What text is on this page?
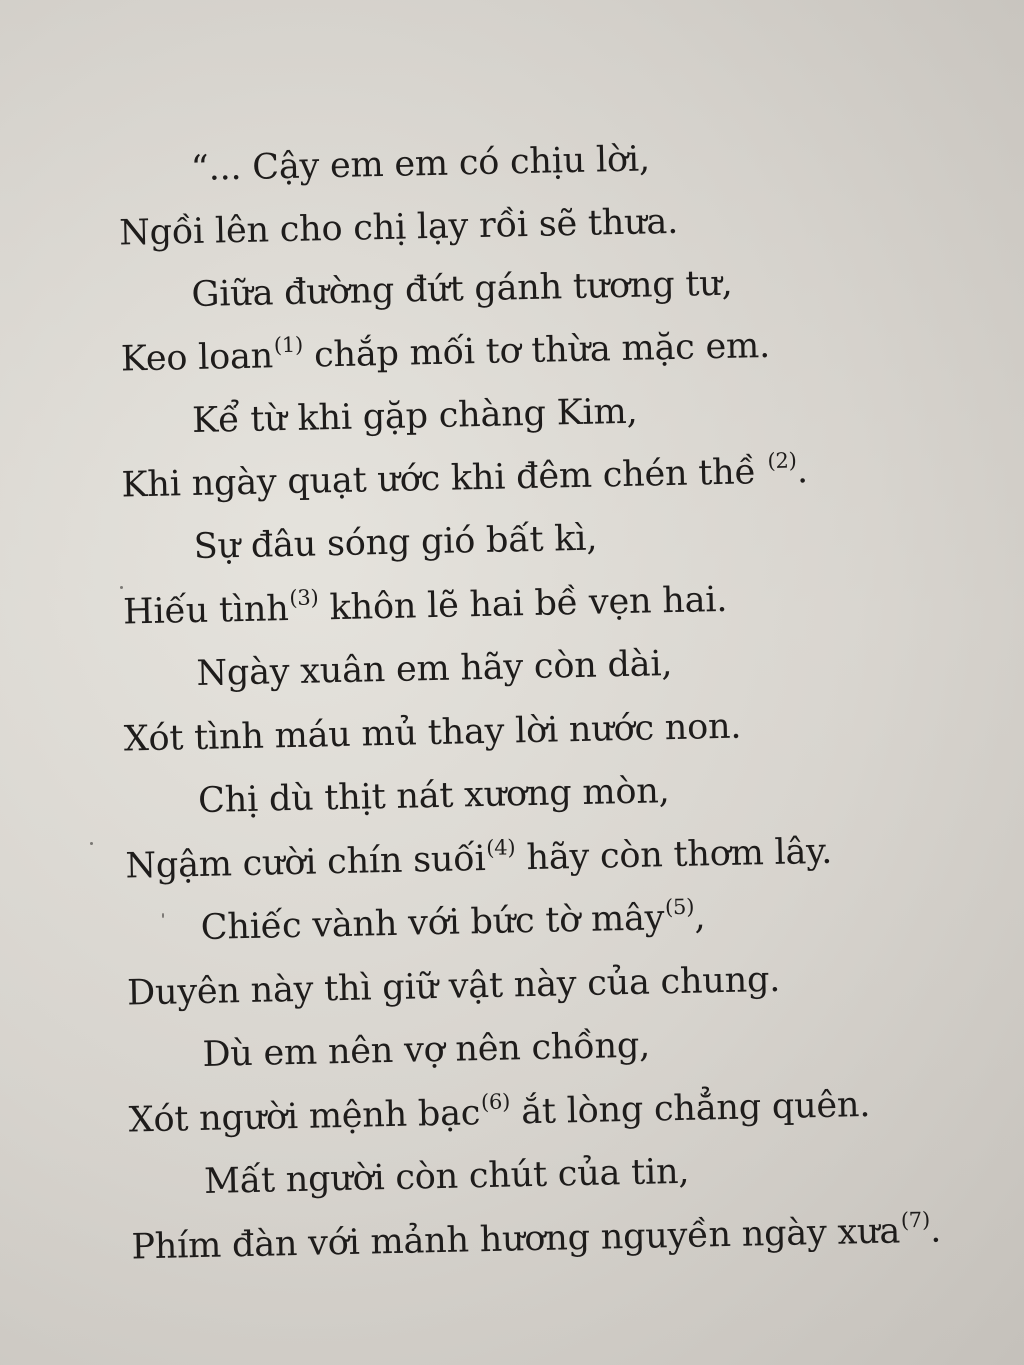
“... Cậy em em có chịu lời,
Ngồi lên cho chị lạy rồi sẽ thưa.
Giữa đường đứt gánh tương tư,
Keo loan$^{(1)}$ chắp mối tơ thừa mặc em.
Kể từ khi gặp chàng Kim,
Khi ngày quạt ước khi đêm chén thề $^{(2)}$.
Sự đâu sóng gió bất kì,
Hiếu tình$^{(3)}$ khôn lẽ hai bề vẹn hai.
Ngày xuân em hãy còn dài,
Xót tình máu mủ thay lời nước non.
Chị dù thịt nát xương mòn,
Ngậm cười chín suối$^{(4)}$ hãy còn thơm lây.
Chiếc vành với bức tờ mây$^{(5)}$,
Duyên này thì giữ vật này của chung.
Dù em nên vợ nên chồng,
Xót người mệnh bạc$^{(6)}$ ắt lòng chẳng quên.
Mất người còn chút của tin,
Phím đàn với mảnh hương nguyền ngày xưa$^{(7)}$.
